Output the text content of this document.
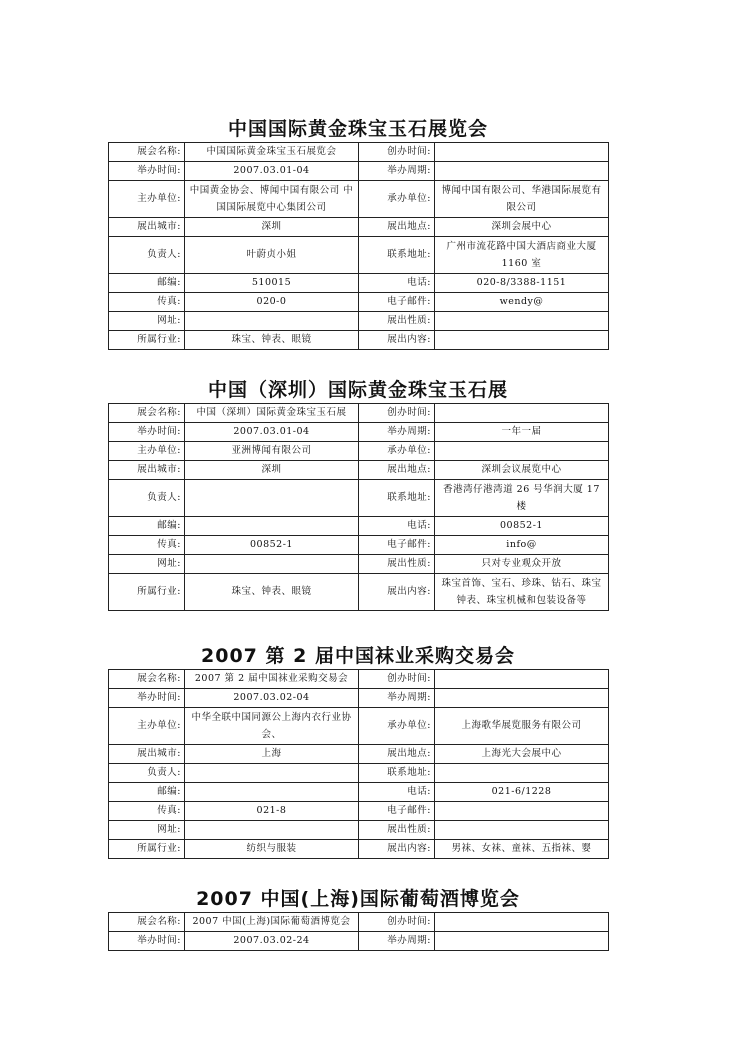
中国国际黄金珠宝玉石展览会
展会名称:	中国国际黄金珠宝玉石展览会	创办时间:	
举办时间:	2007.03.01-04	举办周期:	
主办单位:	中国黄金协会、博闻中国有限公司 中国国际展览中心集团公司	承办单位:	博闻中国有限公司、华港国际展览有限公司
展出城市:	深圳	展出地点:	深圳会展中心
负责人:	叶蔚贞小姐	联系地址:	广州市流花路中国大酒店商业大厦 1160 室
邮编:	510015	电话:	020-8/3388-1151
传真:	020-0	电子邮件:	wendy@
网址:		展出性质:	
所属行业:	珠宝、钟表、眼镜	展出内容:	
中国（深圳）国际黄金珠宝玉石展
展会名称:	中国（深圳）国际黄金珠宝玉石展	创办时间:	
举办时间:	2007.03.01-04	举办周期:	一年一届
主办单位:	亚洲博闻有限公司	承办单位:	
展出城市:	深圳	展出地点:	深圳会议展览中心
负责人:		联系地址:	香港湾仔港湾道 26 号华润大厦 17 楼
邮编:		电话:	00852-1
传真:	00852-1	电子邮件:	info@
网址:		展出性质:	只对专业观众开放
所属行业:	珠宝、钟表、眼镜	展出内容:	珠宝首饰、宝石、珍珠、钻石、珠宝钟表、珠宝机械和包装设备等
2007 第 2 届中国袜业采购交易会
展会名称:	2007 第 2 届中国袜业采购交易会	创办时间:	
举办时间:	2007.03.02-04	举办周期:	
主办单位:	中华全联中国同源公上海内衣行业协会、	承办单位:	上海歌华展览服务有限公司
展出城市:	上海	展出地点:	上海光大会展中心
负责人:		联系地址:	
邮编:		电话:	021-6/1228
传真:	021-8	电子邮件:	
网址:		展出性质:	
所属行业:	纺织与服装	展出内容:	男袜、女袜、童袜、五指袜、婴
2007 中国(上海)国际葡萄酒博览会
展会名称:	2007 中国(上海)国际葡萄酒博览会	创办时间:	
举办时间:	2007.03.02-24	举办周期:	
